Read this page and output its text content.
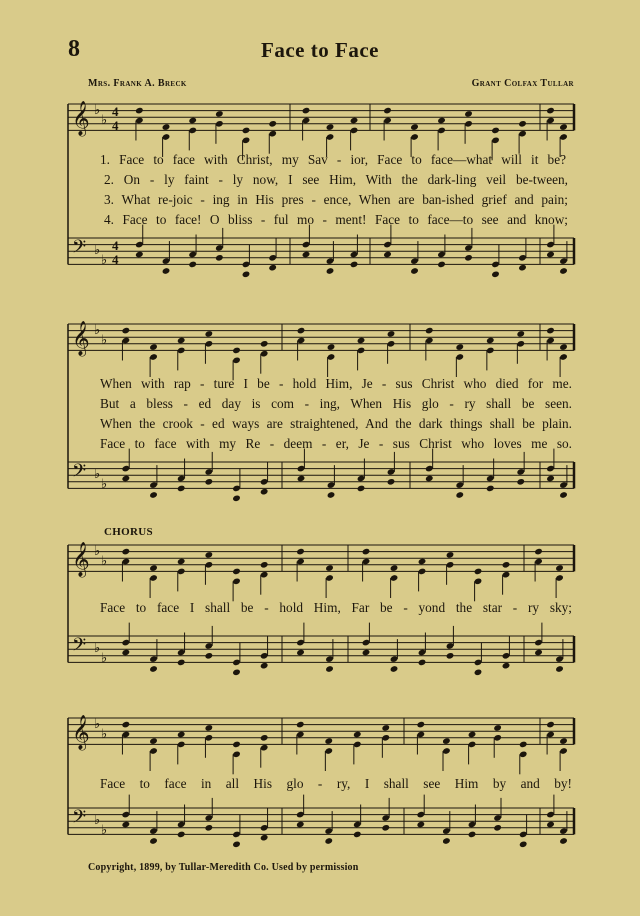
8	Face to Face
Mrs. Frank A. Breck	Grant Colfax Tullar
𝄞
𝄢
♭
♭
♭
♭
4
4
4
4
𝄞
𝄢
♭
♭
♭
♭
𝄞
𝄢
♭
♭
♭
♭
𝄞
𝄢
♭
♭
♭
♭
1. Face to face with Christ, my Sav - ior, Face to face—what will it be?
2. On - ly faint - ly now, I see Him, With the dark-ling veil be-tween,
3. What re-joic - ing in His pres - ence, When are ban-ished grief and pain;
4. Face to face! O bliss - ful mo - ment! Face to face—to see and know;
When with rap - ture I be - hold Him, Je - sus Christ who died for me.
But a bless - ed day is com - ing, When His glo - ry shall be seen.
When the crook - ed ways are straightened, And the dark things shall be plain.
Face to face with my Re - deem - er, Je - sus Christ who loves me so.
CHORUS
Face to face I shall be - hold Him, Far be - yond the star - ry sky;
Face to face in all His glo - ry, I shall see Him by and by!
Copyright, 1899, by Tullar-Meredith Co. Used by permission
